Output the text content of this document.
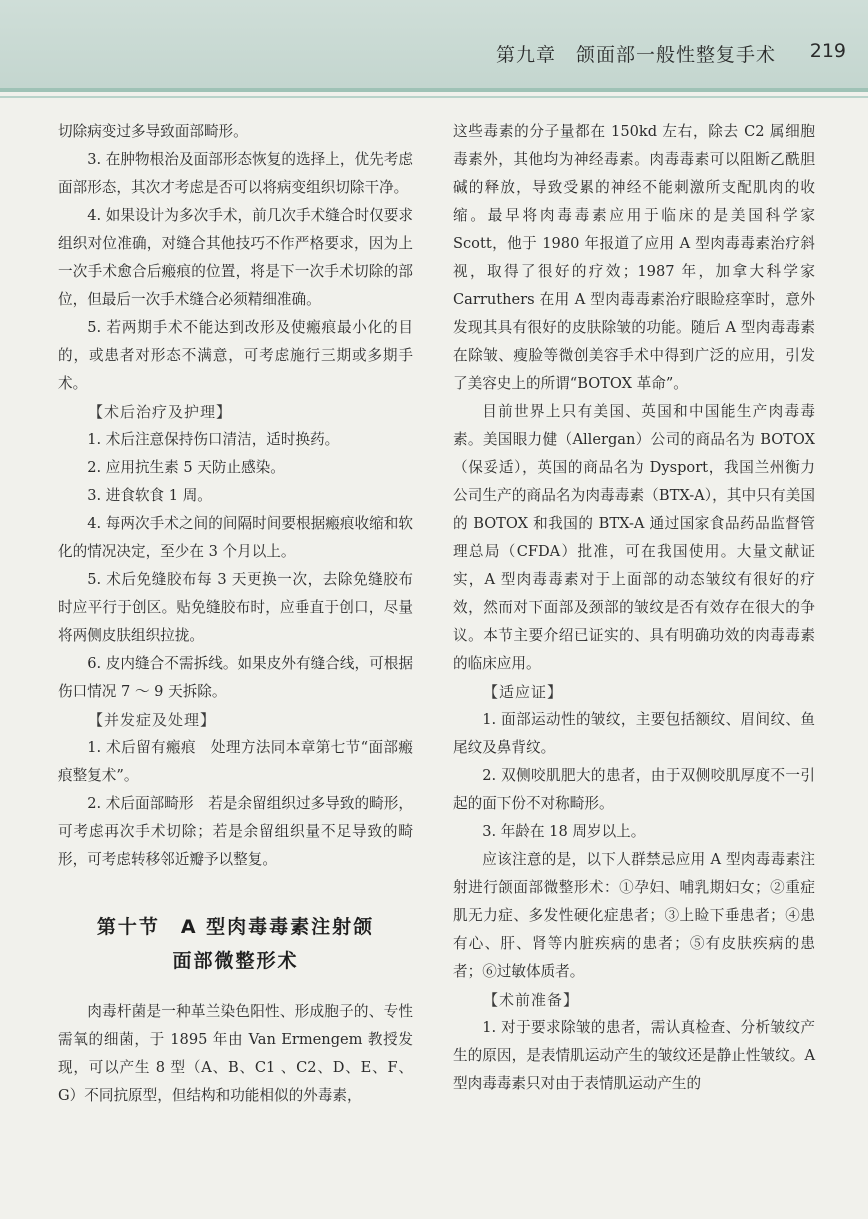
第九章　颌面部一般性整复手术 219

切除病变过多导致面部畸形。

3. 在肿物根治及面部形态恢复的选择上，优先考虑面部形态，其次才考虑是否可以将病变组织切除干净。

4. 如果设计为多次手术，前几次手术缝合时仅要求组织对位准确，对缝合其他技巧不作严格要求，因为上一次手术愈合后瘢痕的位置，将是下一次手术切除的部位，但最后一次手术缝合必须精细准确。

5. 若两期手术不能达到改形及使瘢痕最小化的目的，或患者对形态不满意，可考虑施行三期或多期手术。

【术后治疗及护理】

1. 术后注意保持伤口清洁，适时换药。

2. 应用抗生素 5 天防止感染。

3. 进食软食 1 周。

4. 每两次手术之间的间隔时间要根据瘢痕收缩和软化的情况决定，至少在 3 个月以上。

5. 术后免缝胶布每 3 天更换一次，去除免缝胶布时应平行于创区。贴免缝胶布时，应垂直于创口，尽量将两侧皮肤组织拉拢。

6. 皮内缝合不需拆线。如果皮外有缝合线，可根据伤口情况 7 ～ 9 天拆除。

【并发症及处理】

1. 术后留有瘢痕　处理方法同本章第七节“面部瘢痕整复术”。

2. 术后面部畸形　若是余留组织过多导致的畸形，可考虑再次手术切除；若是余留组织量不足导致的畸形，可考虑转移邻近瓣予以整复。

第十节　A 型肉毒毒素注射颌
面部微整形术

肉毒杆菌是一种革兰染色阳性、形成胞子的、专性需氧的细菌，于 1895 年由 Van Ermengem 教授发现，可以产生 8 型（A、B、C1 、C2、D、E、F、G）不同抗原型，但结构和功能相似的外毒素，

这些毒素的分子量都在 150kd 左右，除去 C2 属细胞毒素外，其他均为神经毒素。肉毒毒素可以阻断乙酰胆碱的释放，导致受累的神经不能刺激所支配肌肉的收缩。最早将肉毒毒素应用于临床的是美国科学家 Scott，他于 1980 年报道了应用 A 型肉毒毒素治疗斜视，取得了很好的疗效；1987 年，加拿大科学家 Carruthers 在用 A 型肉毒毒素治疗眼睑痉挛时，意外发现其具有很好的皮肤除皱的功能。随后 A 型肉毒毒素在除皱、瘦脸等微创美容手术中得到广泛的应用，引发了美容史上的所谓“BOTOX 革命”。

目前世界上只有美国、英国和中国能生产肉毒毒素。美国眼力健（Allergan）公司的商品名为 BOTOX（保妥适），英国的商品名为 Dysport，我国兰州衡力公司生产的商品名为肉毒毒素（BTX-A），其中只有美国的 BOTOX 和我国的 BTX-A 通过国家食品药品监督管理总局（CFDA）批准，可在我国使用。大量文献证实，A 型肉毒毒素对于上面部的动态皱纹有很好的疗效，然而对下面部及颈部的皱纹是否有效存在很大的争议。本节主要介绍已证实的、具有明确功效的肉毒毒素的临床应用。

【适应证】

1. 面部运动性的皱纹，主要包括额纹、眉间纹、鱼尾纹及鼻背纹。

2. 双侧咬肌肥大的患者，由于双侧咬肌厚度不一引起的面下份不对称畸形。

3. 年龄在 18 周岁以上。

应该注意的是，以下人群禁忌应用 A 型肉毒毒素注射进行颌面部微整形术：①孕妇、哺乳期妇女；②重症肌无力症、多发性硬化症患者；③上睑下垂患者；④患有心、肝、肾等内脏疾病的患者；⑤有皮肤疾病的患者；⑥过敏体质者。

【术前准备】

1. 对于要求除皱的患者，需认真检查、分析皱纹产生的原因，是表情肌运动产生的皱纹还是静止性皱纹。A 型肉毒毒素只对由于表情肌运动产生的
